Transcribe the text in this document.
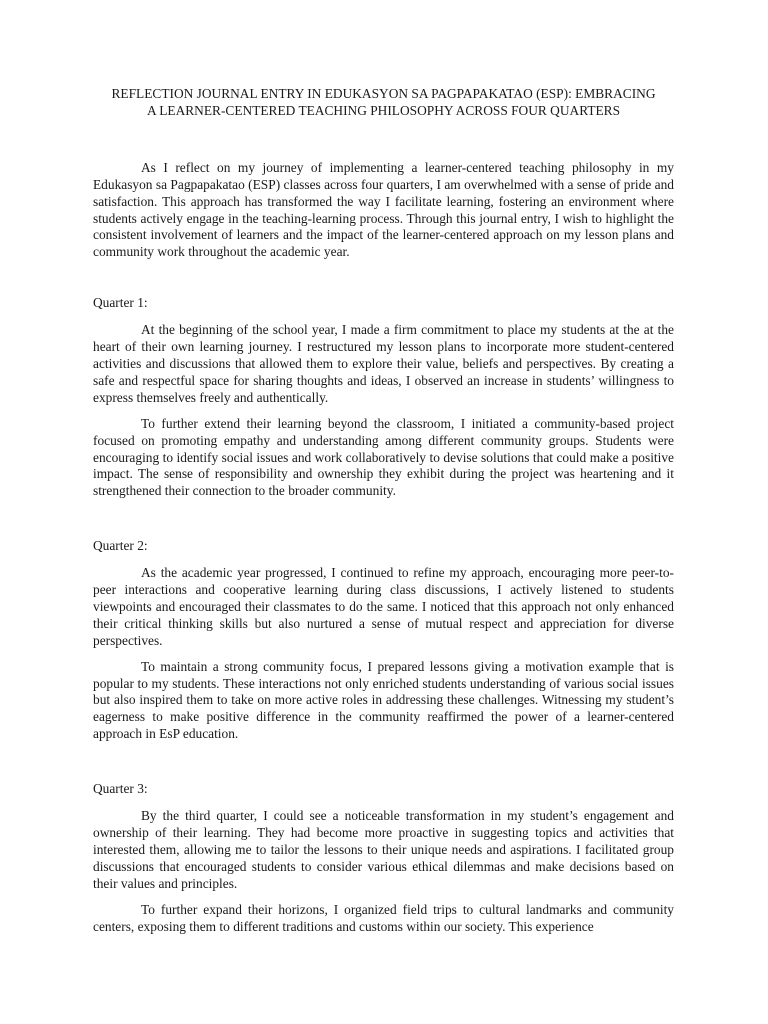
REFLECTION JOURNAL ENTRY IN EDUKASYON SA PAGPAPAKATAO (ESP): EMBRACING
A LEARNER-CENTERED TEACHING PHILOSOPHY ACROSS FOUR QUARTERS

As I reflect on my journey of implementing a learner-centered teaching philosophy in my Edukasyon sa Pagpapakatao (ESP) classes across four quarters, I am overwhelmed with a sense of pride and satisfaction. This approach has transformed the way I facilitate learning, fostering an environment where students actively engage in the teaching-learning process. Through this journal entry, I wish to highlight the consistent involvement of learners and the impact of the learner-centered approach on my lesson plans and community work throughout the academic year.

Quarter 1:

At the beginning of the school year, I made a firm commitment to place my students at the at the heart of their own learning journey. I restructured my lesson plans to incorporate more student-centered activities and discussions that allowed them to explore their value, beliefs and perspectives. By creating a safe and respectful space for sharing thoughts and ideas, I observed an increase in students’ willingness to express themselves freely and authentically.

To further extend their learning beyond the classroom, I initiated a community-based project focused on promoting empathy and understanding among different community groups. Students were encouraging to identify social issues and work collaboratively to devise solutions that could make a positive impact. The sense of responsibility and ownership they exhibit during the project was heartening and it strengthened their connection to the broader community.

Quarter 2:

As the academic year progressed, I continued to refine my approach, encouraging more peer-to-peer interactions and cooperative learning during class discussions, I actively listened to students viewpoints and encouraged their classmates to do the same. I noticed that this approach not only enhanced their critical thinking skills but also nurtured a sense of mutual respect and appreciation for diverse perspectives.

To maintain a strong community focus, I prepared lessons giving a motivation example that is popular to my students. These interactions not only enriched students understanding of various social issues but also inspired them to take on more active roles in addressing these challenges. Witnessing my student’s eagerness to make positive difference in the community reaffirmed the power of a learner-centered approach in EsP education.

Quarter 3:

By the third quarter, I could see a noticeable transformation in my student’s engagement and ownership of their learning. They had become more proactive in suggesting topics and activities that interested them, allowing me to tailor the lessons to their unique needs and aspirations. I facilitated group discussions that encouraged students to consider various ethical dilemmas and make decisions based on their values and principles.

To further expand their horizons, I organized field trips to cultural landmarks and community centers, exposing them to different traditions and customs within our society. This experience
